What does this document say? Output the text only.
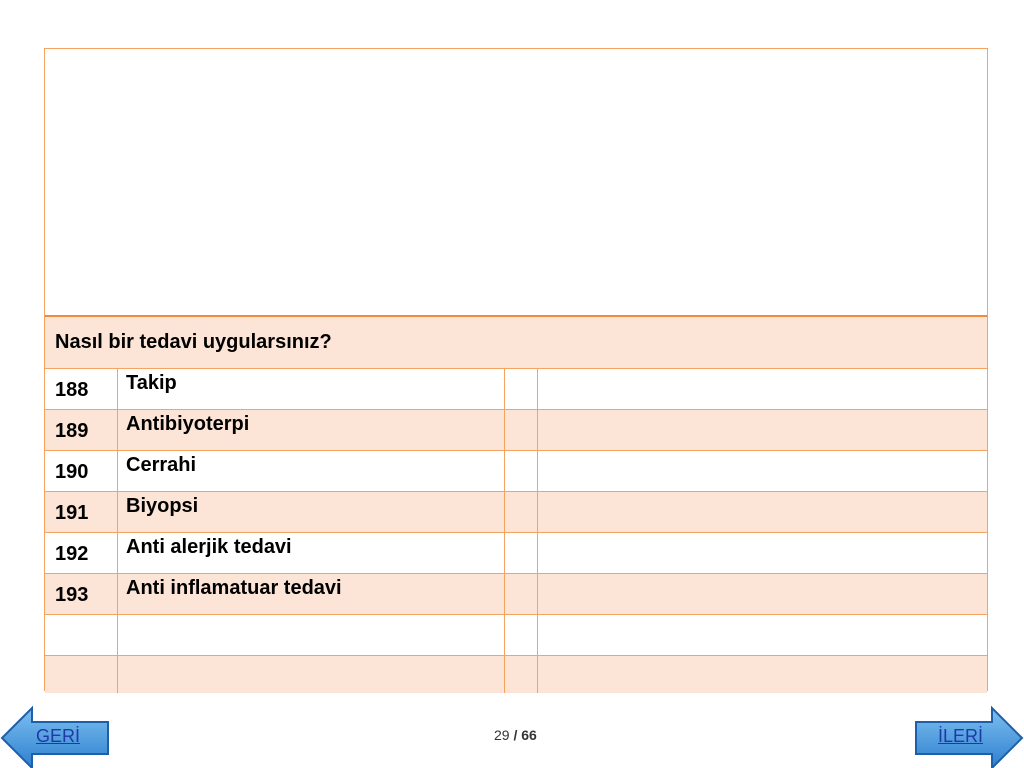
Nasıl bir tedavi uygularsınız?
188	Takip
189	Antibiyoterpi
190	Cerrahi
191	Biyopsi
192	Anti alerjik tedavi
193	Anti inflamatuar tedavi
GERİ	29 / 66	İLERİ
